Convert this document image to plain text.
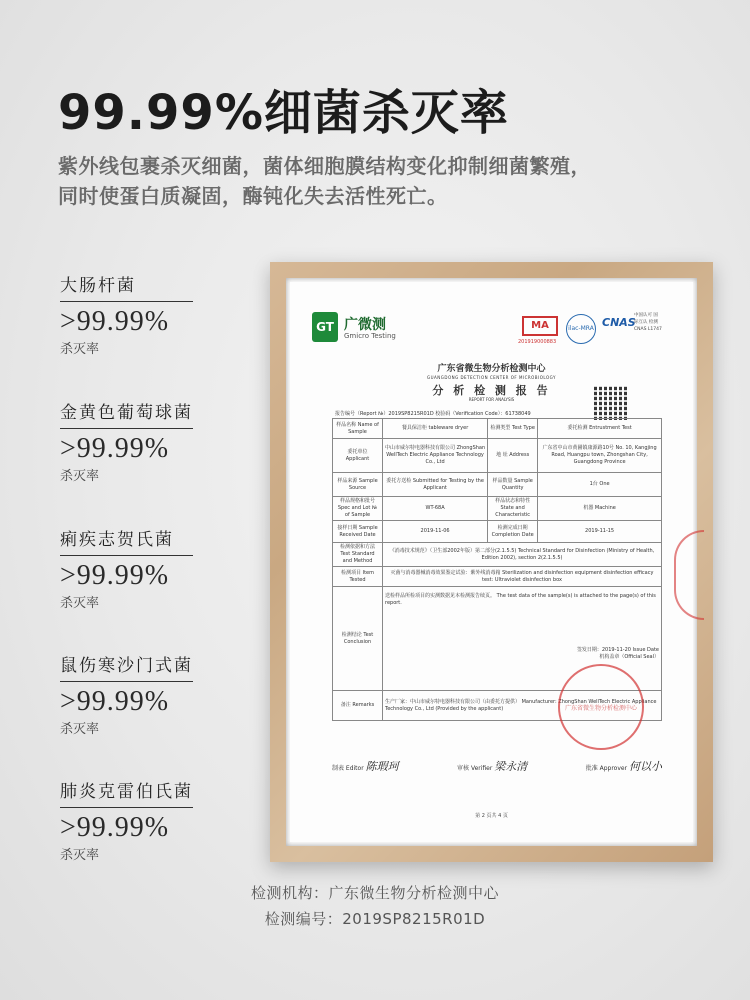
99.99%细菌杀灭率
紫外线包裹杀灭细菌，菌体细胞膜结构变化抑制细菌繁殖，
同时使蛋白质凝固，酶钝化失去活性死亡。
大肠杆菌
>99.99%
杀灭率
金黄色葡萄球菌
>99.99%
杀灭率
痢疾志贺氏菌
>99.99%
杀灭率
鼠伤寒沙门式菌
>99.99%
杀灭率
肺炎克雷伯氏菌
>99.99%
杀灭率
GT 广微测
Gmicro Testing
MA
201919000883
ilac-MRA CNAS
中国认可 国际互认 检测 CNAS L1747
广东省微生物分析检测中心
GUANGDONG DETECTION CENTER OF MICROBIOLOGY
分 析 检 测 报 告
REPORT FOR ANALYSIS
报告编号（Report №）2019SP8215R01D 校验码（Verification Code）：61738049
样品名称 Name of Sample	餐具保洁柜 tableware dryer	检测类型 Test Type	委托检测 Entrustment Test
委托单位 Applicant	中山市威尔特电器科技有限公司 ZhongShan WellTech Electric Appliance Technology Co., Ltd	地 址 Address	广东省中山市黄圃镇康源路10号 No. 10, Kangjing Road, Huangpu town, Zhongshan City, Guangdong Province
样品来源 Sample Source	委托方送检 Submitted for Testing by the Applicant	样品数量 Sample Quantity	1台 One
样品规格和批号 Spec and Lot № of Sample	WT-68A	样品状态和特性 State and Characteristic	机器 Machine
接样日期 Sample Received Date	2019-11-06	检测完成日期 Completion Date	2019-11-15
检测依据和方法 Test Standard and Method	《消毒技术规范》（卫生部2002年版）第二部分(2.1.5.5) Technical Standard for Disinfection (Ministry of Health, Edition 2002), section 2(2.1.5.5)		
检测项目 Item Tested	灭菌与消毒器械消毒效果鉴定试验：紫外线消毒箱 Sterilization and disinfection equipment disinfection efficacy test: Ultraviolet disinfection box		
检测结论 Test Conclusion	送检样品所检项目的实测数据见本检测报告续页。 The test data of the sample(s) is attached to the page(s) of this report.
签发日期：2019-11-20 Issue Date
机构盖章（Official Seal）		

备注 Remarks	生产厂家：中山市威尔特电器科技有限公司（由委托方提供） Manufacturer: ZhongShan WellTech Electric Appliance Technology Co., Ltd (Provided by the applicant)			广东省微生物分析检测中心
制表 Editor 陈瑕珂	审核 Verifier 梁永清	批准 Approver 何以小
第 2 页共 4 页
检测机构：广东微生物分析检测中心
检测编号：2019SP8215R01D
